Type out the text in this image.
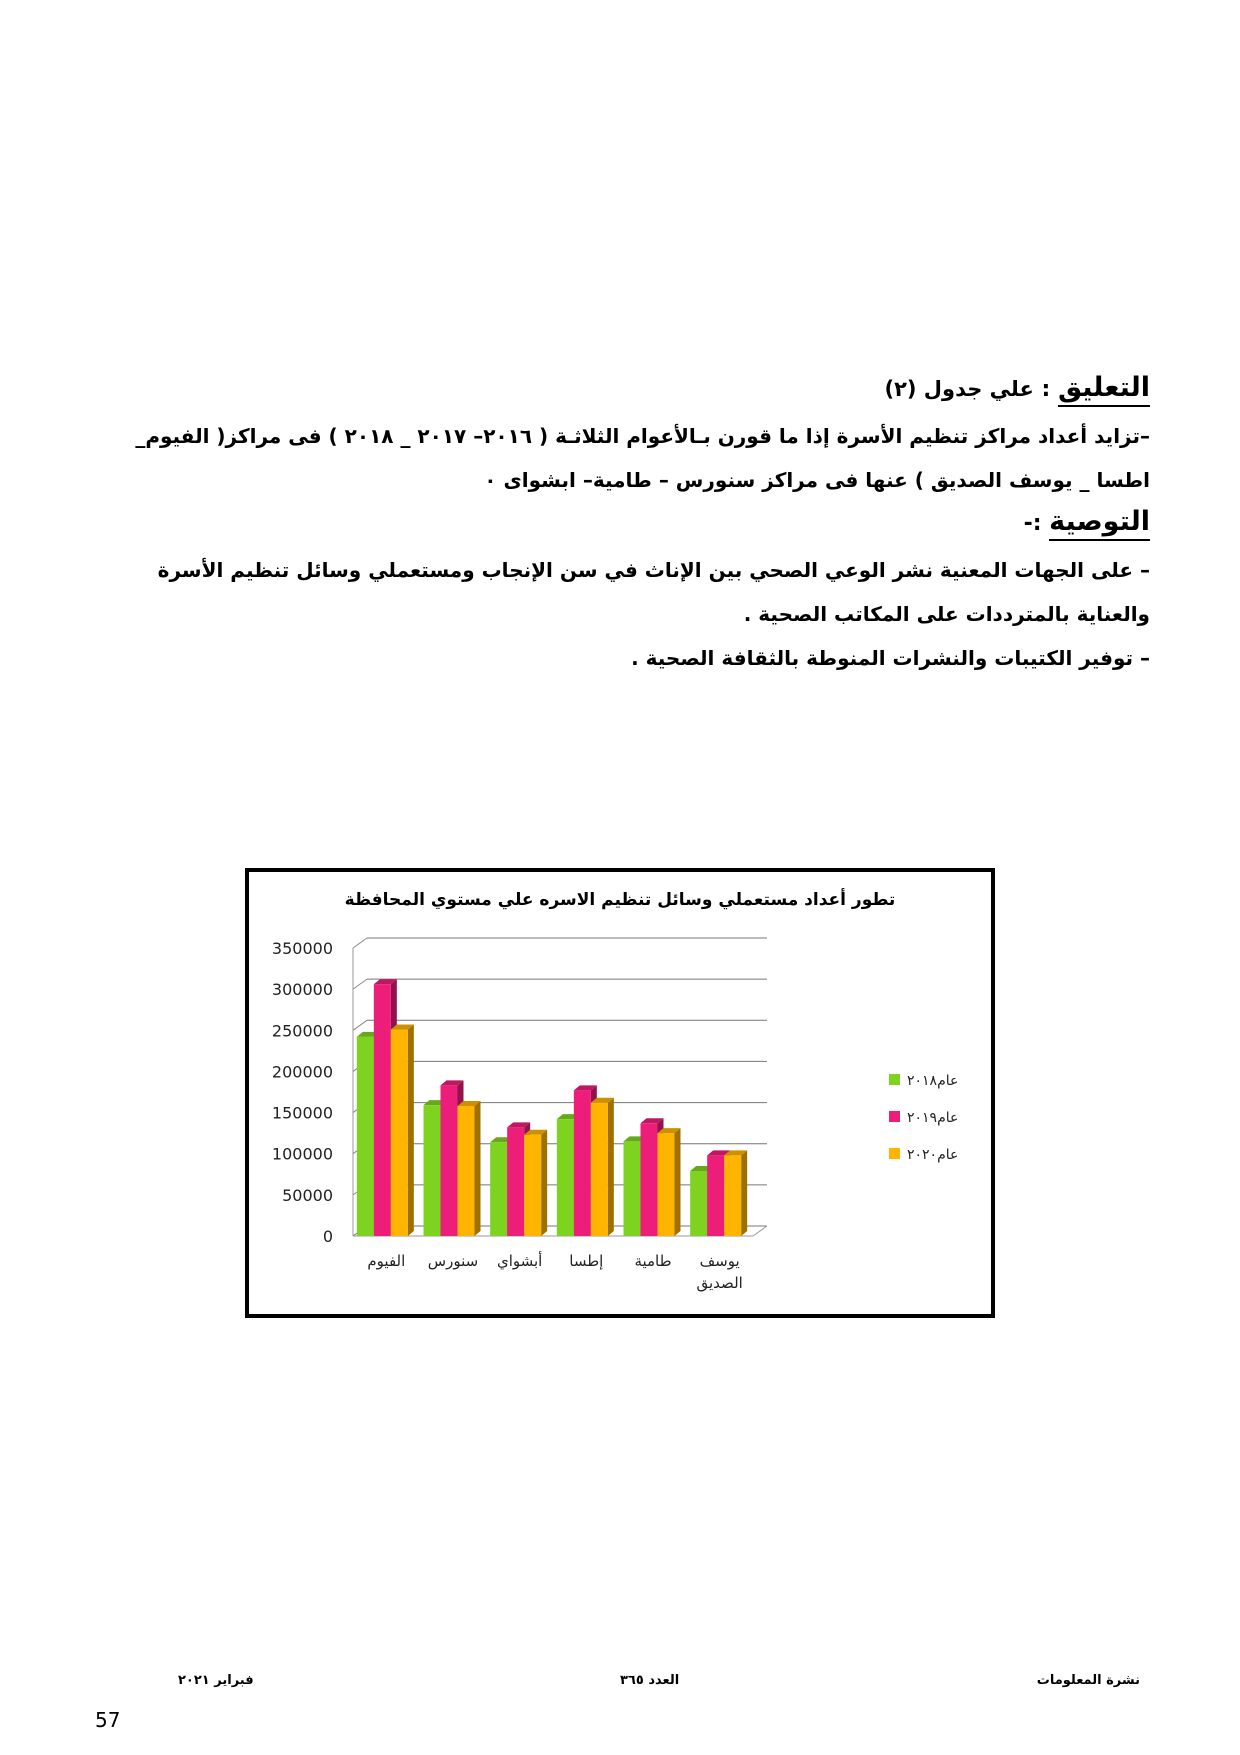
التعليق : علي جدول (٢)
–تزايد أعداد مراكز تنظيم الأسرة إذا ما قورن بـالأعوام الثلاثـة ( ٢٠١٦– ٢٠١٧ _ ٢٠١٨ ) فى مراكز( الفيوم_
اطسا _ يوسف الصديق ) عنها فى مراكز سنورس – طامية– ابشواى ٠
التوصية :-
– على الجهات المعنية نشر الوعي الصحي بين الإناث في سن الإنجاب ومستعملي وسائل تنظيم الأسرة
والعناية بالمترددات على المكاتب الصحية .
– توفير الكتيبات والنشرات المنوطة بالثقافة الصحية .
تطور أعداد مستعملي وسائل تنظيم الاسره علي مستوي المحافظة
0
50000
100000
150000
200000
250000
300000
350000
الفيوم سنورس أبشواي إطسا طامية يوسف
الصديق
عام٢٠١٨
عام٢٠١٩
عام٢٠٢٠
نشرة المعلومات
العدد ٣٦٥
فبراير ٢٠٢١
57
